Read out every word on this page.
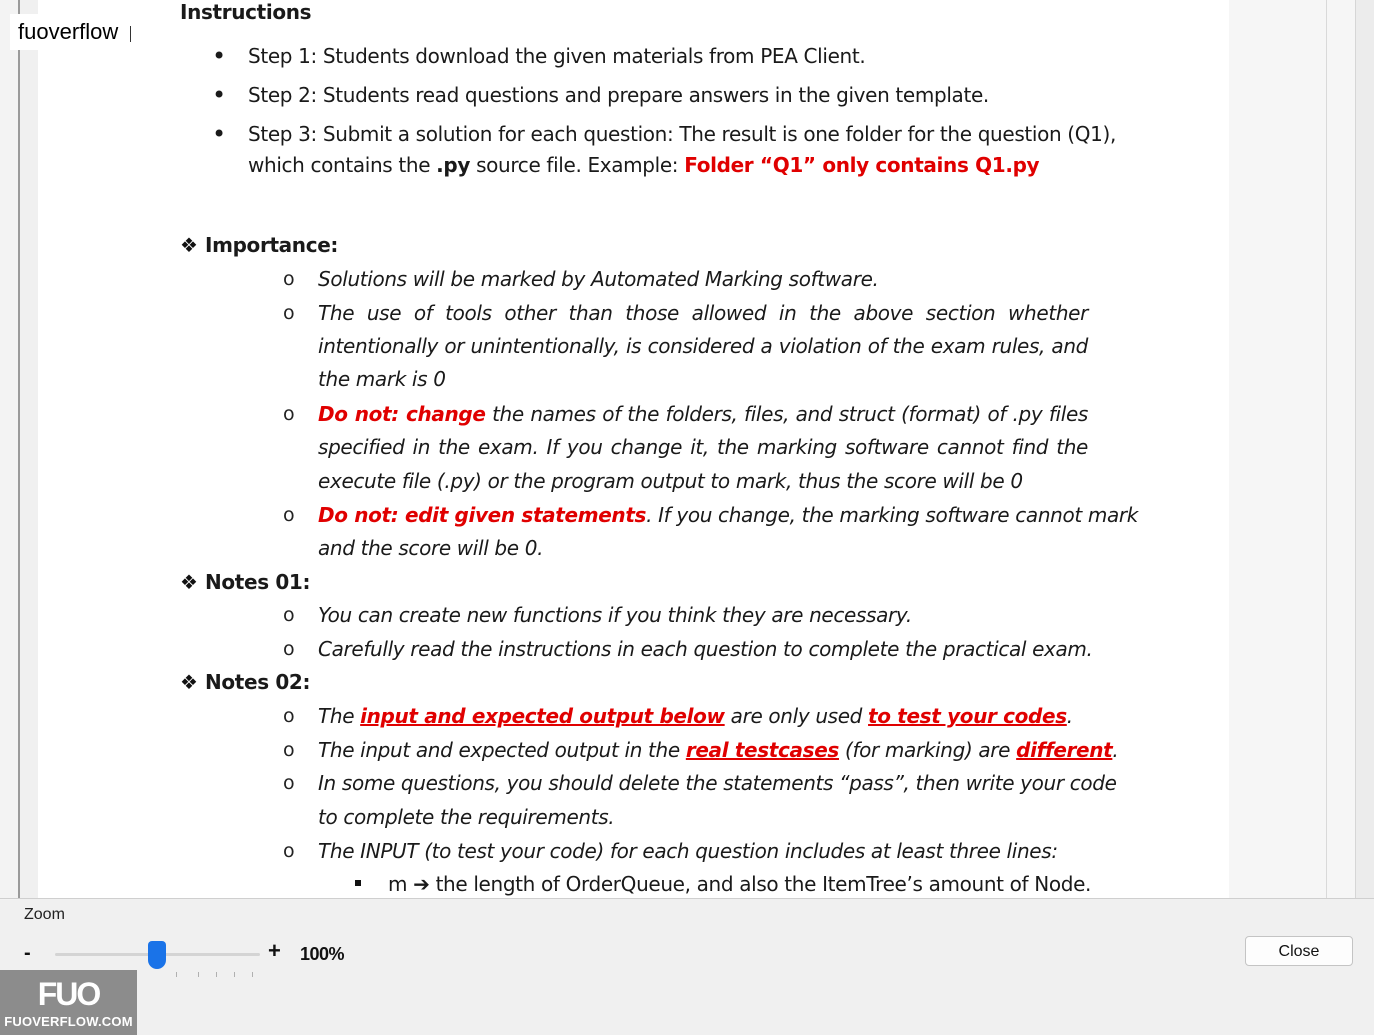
fuoverflow
Instructions
• Step 1: Students download the given materials from PEA Client.
• Step 2: Students read questions and prepare answers in the given template.
• Step 3: Submit a solution for each question: The result is one folder for the question (Q1),
which contains the .py source file. Example: Folder “Q1” only contains Q1.py
❖ Importance:
o Solutions will be marked by Automated Marking software.
o The use of tools other than those allowed in the above section whether
intentionally or unintentionally, is considered a violation of the exam rules, and
the mark is 0
o Do not: change the names of the folders, files, and struct (format) of .py files
specified in the exam. If you change it, the marking software cannot find the
execute file (.py) or the program output to mark, thus the score will be 0
o Do not: edit given statements. If you change, the marking software cannot mark
and the score will be 0.
❖ Notes 01:
o You can create new functions if you think they are necessary.
o Carefully read the instructions in each question to complete the practical exam.
❖ Notes 02:
o The input and expected output below are only used to test your codes.
o The input and expected output in the real testcases (for marking) are different.
o In some questions, you should delete the statements “pass”, then write your code
to complete the requirements.
o The INPUT (to test your code) for each question includes at least three lines:
m ➔ the length of OrderQueue, and also the ItemTree’s amount of Node.
Zoom
-	+ 100%	Close
FUO
FUOVERFLOW.COM
